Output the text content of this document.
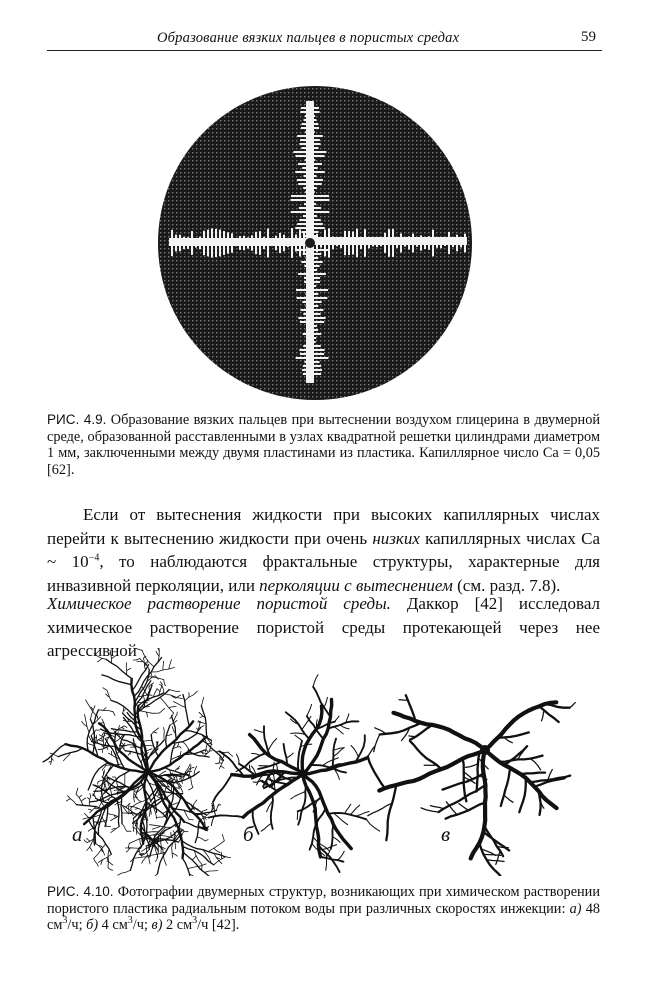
Образование вязких пальцев в пористых средах	59
РИС. 4.9. Образование вязких пальцев при вытеснении воздухом глицерина в двумерной среде, образованной расставленными в узлах квадратной решетки цилиндрами диаметром 1 мм, заключенными между двумя пластинами из пластика. Капиллярное число Ca = 0,05 [62].
Если от вытеснения жидкости при высоких капиллярных числах перейти к вытеснению жидкости при очень низких капиллярных числах Ca ~ $10^{-4}$, то наблюдаются фрактальные структуры, характерные для инвазивной перколяции, или перколяции с вытеснением (см. разд. 7.8).
Химическое растворение пористой среды. Даккор [42] исследовал химическое растворение пористой среды протекающей через нее агрессивной
а	б	в
РИС. 4.10. Фотографии двумерных структур, возникающих при химическом растворении пористого пластика радиальным потоком воды при различных скоростях инжекции: а) 48 $см^3/ч$; б) 4 $см^3/ч$; в) 2 $см^3/ч$ [42].
